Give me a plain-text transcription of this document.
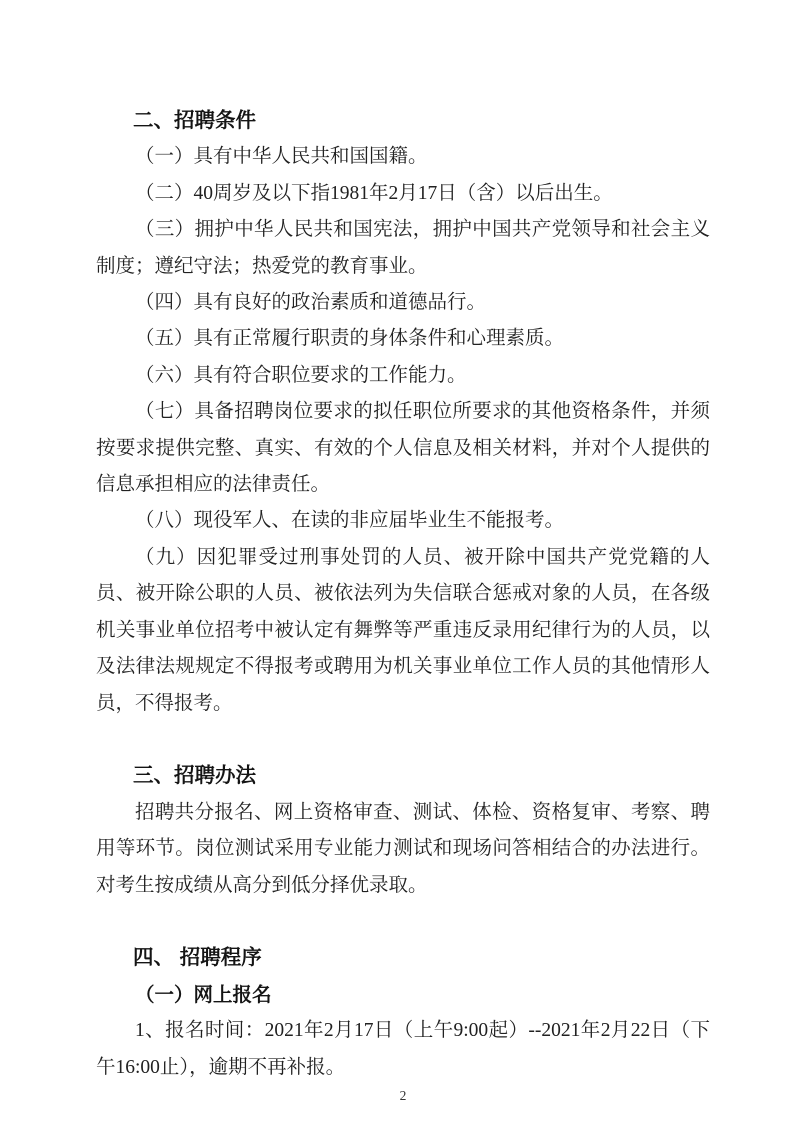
二、招聘条件

（一）具有中华人民共和国国籍。

（二）40周岁及以下指1981年2月17日（含）以后出生。

（三）拥护中华人民共和国宪法，拥护中国共产党领导和社会主义制度；遵纪守法；热爱党的教育事业。

（四）具有良好的政治素质和道德品行。

（五）具有正常履行职责的身体条件和心理素质。

（六）具有符合职位要求的工作能力。

（七）具备招聘岗位要求的拟任职位所要求的其他资格条件，并须按要求提供完整、真实、有效的个人信息及相关材料，并对个人提供的信息承担相应的法律责任。

（八）现役军人、在读的非应届毕业生不能报考。

（九）因犯罪受过刑事处罚的人员、被开除中国共产党党籍的人员、被开除公职的人员、被依法列为失信联合惩戒对象的人员，在各级机关事业单位招考中被认定有舞弊等严重违反录用纪律行为的人员，以及法律法规规定不得报考或聘用为机关事业单位工作人员的其他情形人员，不得报考。

三、招聘办法

招聘共分报名、网上资格审查、测试、体检、资格复审、考察、聘用等环节。岗位测试采用专业能力测试和现场问答相结合的办法进行。对考生按成绩从高分到低分择优录取。

四、 招聘程序
（一）网上报名

1、报名时间：2021年2月17日（上午9:00起）--2021年2月22日（下午16:00止），逾期不再补报。

2
